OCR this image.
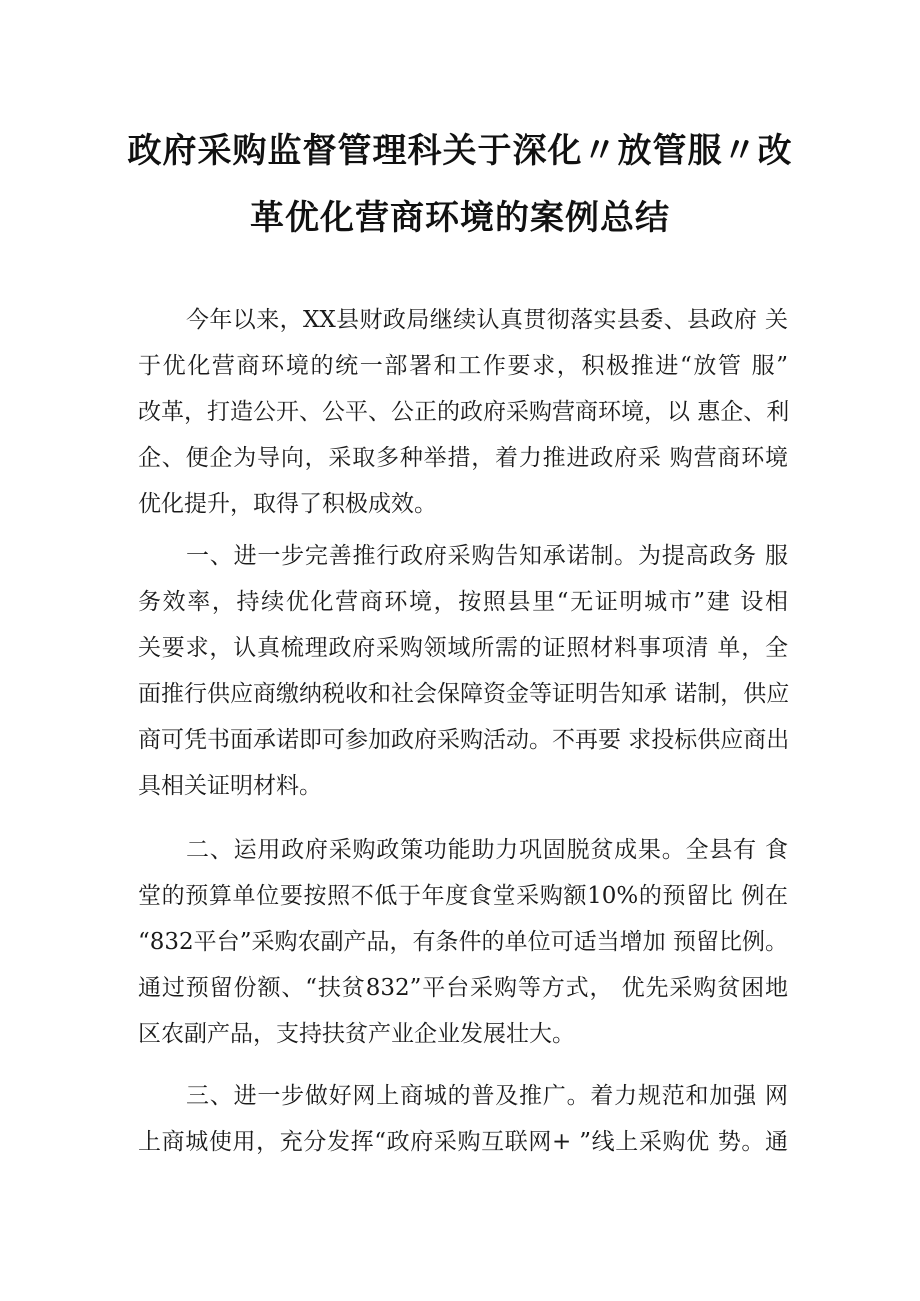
政府采购监督管理科关于深化〃放管服〃改
革优化营商环境的案例总结
今年以来，XX县财政局继续认真贯彻落实县委、县政府 关
于优化营商环境的统一部署和工作要求，积极推进“放管 服”
改革，打造公开、公平、公正的政府采购营商环境，以 惠企、利
企、便企为导向，采取多种举措，着力推进政府采 购营商环境
优化提升，取得了积极成效。
一、进一步完善推行政府采购告知承诺制。为提高政务 服
务效率，持续优化营商环境，按照县里“无证明城市”建 设相
关要求，认真梳理政府采购领域所需的证照材料事项清 单，全
面推行供应商缴纳税收和社会保障资金等证明告知承 诺制，供应
商可凭书面承诺即可参加政府采购活动。不再要 求投标供应商出
具相关证明材料。
二、运用政府采购政策功能助力巩固脱贫成果。全县有 食
堂的预算单位要按照不低于年度食堂采购额10%的预留比 例在
“832平台”采购农副产品，有条件的单位可适当增加 预留比例。
通过预留份额、“扶贫832”平台采购等方式， 优先采购贫困地
区农副产品，支持扶贫产业企业发展壮大。
三、进一步做好网上商城的普及推广。着力规范和加强 网
上商城使用，充分发挥“政府采购互联网+ ”线上采购优 势。通
